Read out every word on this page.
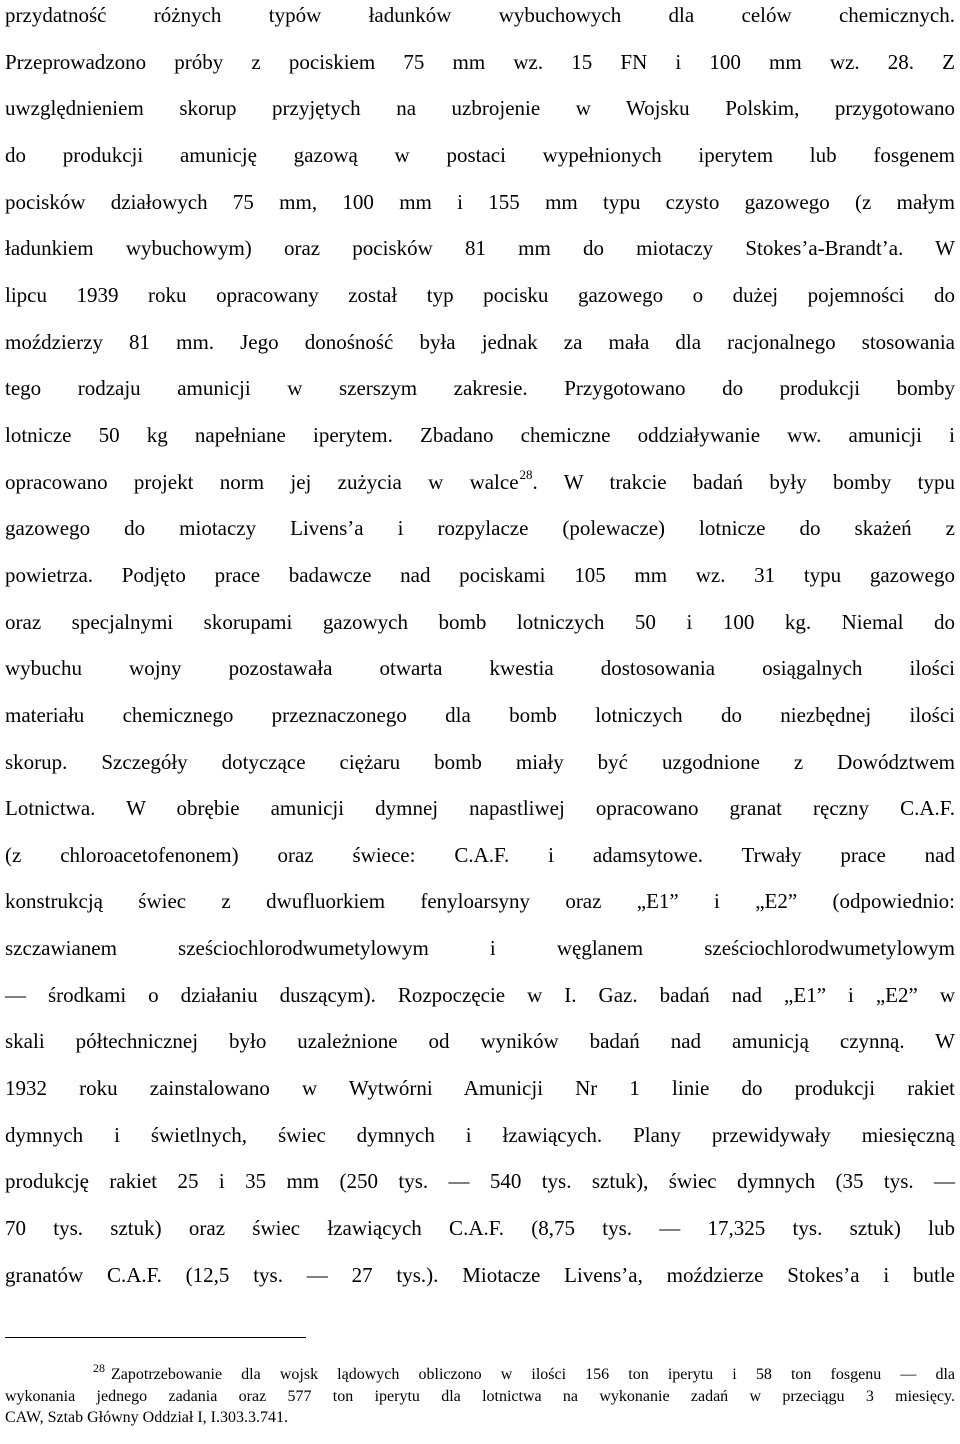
przydatność różnych typów ładunków wybuchowych dla celów chemicznych.
Przeprowadzono próby z pociskiem 75 mm wz. 15 FN i 100 mm wz. 28. Z
uwzględnieniem skorup przyjętych na uzbrojenie w Wojsku Polskim, przygotowano
do produkcji amunicję gazową w postaci wypełnionych iperytem lub fosgenem
pocisków działowych 75 mm, 100 mm i 155 mm typu czysto gazowego (z małym
ładunkiem wybuchowym) oraz pocisków 81 mm do miotaczy Stokes’a-Brandt’a. W
lipcu 1939 roku opracowany został typ pocisku gazowego o dużej pojemności do
moździerzy 81 mm. Jego donośność była jednak za mała dla racjonalnego stosowania
tego rodzaju amunicji w szerszym zakresie. Przygotowano do produkcji bomby
lotnicze 50 kg napełniane iperytem. Zbadano chemiczne oddziaływanie ww. amunicji i
opracowano projekt norm jej zużycia w walce$^{28}$. W trakcie badań były bomby typu
gazowego do miotaczy Livens’a i rozpylacze (polewacze) lotnicze do skażeń z
powietrza. Podjęto prace badawcze nad pociskami 105 mm wz. 31 typu gazowego
oraz specjalnymi skorupami gazowych bomb lotniczych 50 i 100 kg. Niemal do
wybuchu wojny pozostawała otwarta kwestia dostosowania osiągalnych ilości
materiału chemicznego przeznaczonego dla bomb lotniczych do niezbędnej ilości
skorup. Szczegóły dotyczące ciężaru bomb miały być uzgodnione z Dowództwem
Lotnictwa. W obrębie amunicji dymnej napastliwej opracowano granat ręczny C.A.F.
(z chloroacetofenonem) oraz świece: C.A.F. i adamsytowe. Trwały prace nad
konstrukcją świec z dwufluorkiem fenyloarsyny oraz „E1” i „E2” (odpowiednio:
szczawianem sześciochlorodwumetylowym i węglanem sześciochlorodwumetylowym
— środkami o działaniu duszącym). Rozpoczęcie w I. Gaz. badań nad „E1” i „E2” w
skali półtechnicznej było uzależnione od wyników badań nad amunicją czynną. W
1932 roku zainstalowano w Wytwórni Amunicji Nr 1 linie do produkcji rakiet
dymnych i świetlnych, świec dymnych i łzawiących. Plany przewidywały miesięczną
produkcję rakiet 25 i 35 mm (250 tys. — 540 tys. sztuk), świec dymnych (35 tys. —
70 tys. sztuk) oraz świec łzawiących C.A.F. (8,75 tys. — 17,325 tys. sztuk) lub
granatów C.A.F. (12,5 tys. — 27 tys.). Miotacze Livens’a, moździerze Stokes’a i butle
$^{28}$ Zapotrzebowanie dla wojsk lądowych obliczono w ilości 156 ton iperytu i 58 ton fosgenu — dla
wykonania jednego zadania oraz 577 ton iperytu dla lotnictwa na wykonanie zadań w przeciągu 3 miesięcy.
CAW, Sztab Główny Oddział I, I.303.3.741.
